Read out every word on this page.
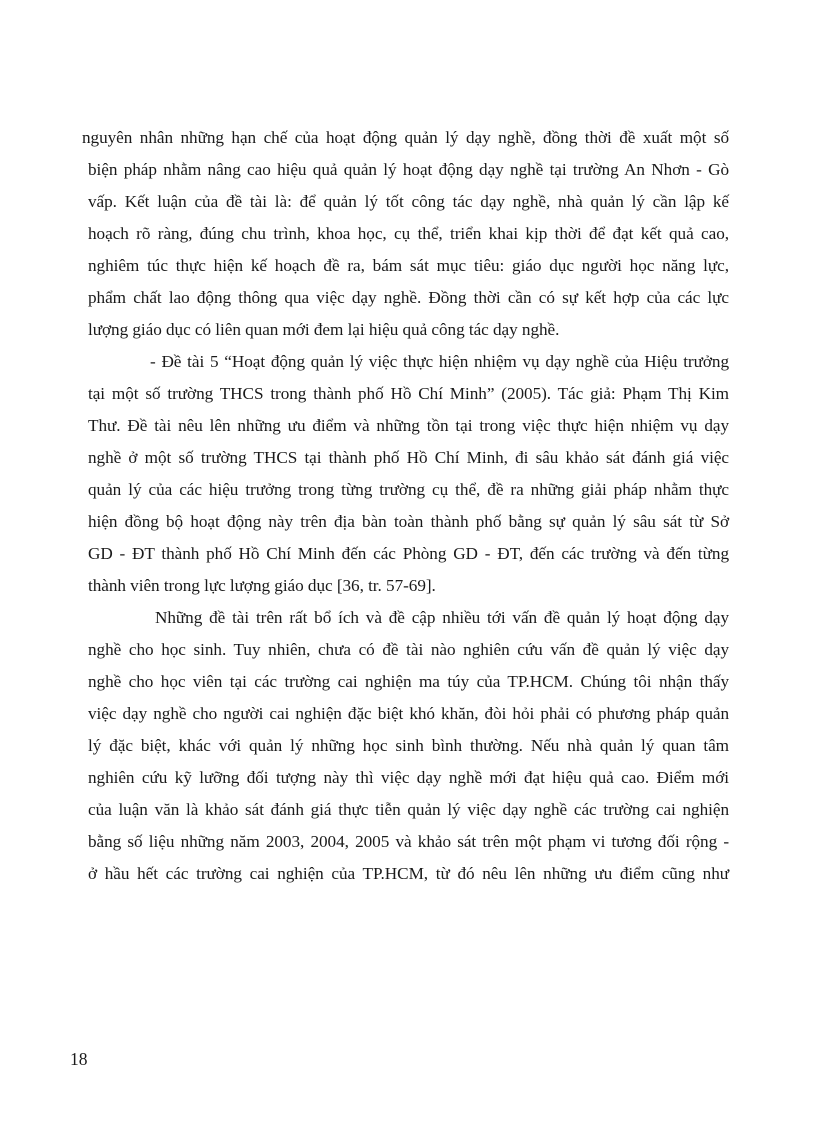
nguyên nhân những hạn chế của hoạt động quản lý dạy nghề, đồng thời đề xuất một số
biện pháp nhằm nâng cao hiệu quả quản lý hoạt động dạy nghề tại trường An Nhơn - Gò
vấp. Kết luận của đề tài là: để quản lý tốt công tác dạy nghề, nhà quản lý cần lập kế
hoạch rõ ràng, đúng chu trình, khoa học, cụ thể, triển khai kịp thời để đạt kết quả cao,
nghiêm túc thực hiện kế hoạch đề ra, bám sát mục tiêu: giáo dục người học năng lực,
phẩm chất lao động thông qua việc dạy nghề. Đồng thời cần có sự kết hợp của các lực
lượng giáo dục có liên quan mới đem lại hiệu quả công tác dạy nghề.
- Đề tài 5 “Hoạt động quản lý việc thực hiện nhiệm vụ dạy nghề của Hiệu trưởng
tại một số trường THCS trong thành phố Hồ Chí Minh” (2005). Tác giả: Phạm Thị Kim
Thư. Đề tài nêu lên những ưu điểm và những tồn tại trong việc thực hiện nhiệm vụ dạy
nghề ở một số trường THCS tại thành phố Hồ Chí Minh, đi sâu khảo sát đánh giá việc
quản lý của các hiệu trưởng trong từng trường cụ thể, đề ra những giải pháp nhằm thực
hiện đồng bộ hoạt động này trên địa bàn toàn thành phố bằng sự quản lý sâu sát từ Sở
GD - ĐT thành phố Hồ Chí Minh đến các Phòng GD - ĐT, đến các trường và đến từng
thành viên trong lực lượng giáo dục [36, tr. 57-69].
Những đề tài trên rất bổ ích và đề cập nhiều tới vấn đề quản lý hoạt động dạy
nghề cho học sinh. Tuy nhiên, chưa có đề tài nào nghiên cứu vấn đề quản lý việc dạy
nghề cho học viên tại các trường cai nghiện ma túy của TP.HCM. Chúng tôi nhận thấy
việc dạy nghề cho người cai nghiện đặc biệt khó khăn, đòi hỏi phải có phương pháp quản
lý đặc biệt, khác với quản lý những học sinh bình thường. Nếu nhà quản lý quan tâm
nghiên cứu kỹ lưỡng đối tượng này thì việc dạy nghề mới đạt hiệu quả cao. Điểm mới
của luận văn là khảo sát đánh giá thực tiễn quản lý việc dạy nghề các trường cai nghiện
bằng số liệu những năm 2003, 2004, 2005 và khảo sát trên một phạm vi tương đối rộng -
ở hầu hết các trường cai nghiện của TP.HCM, từ đó nêu lên những ưu điểm cũng như
18
